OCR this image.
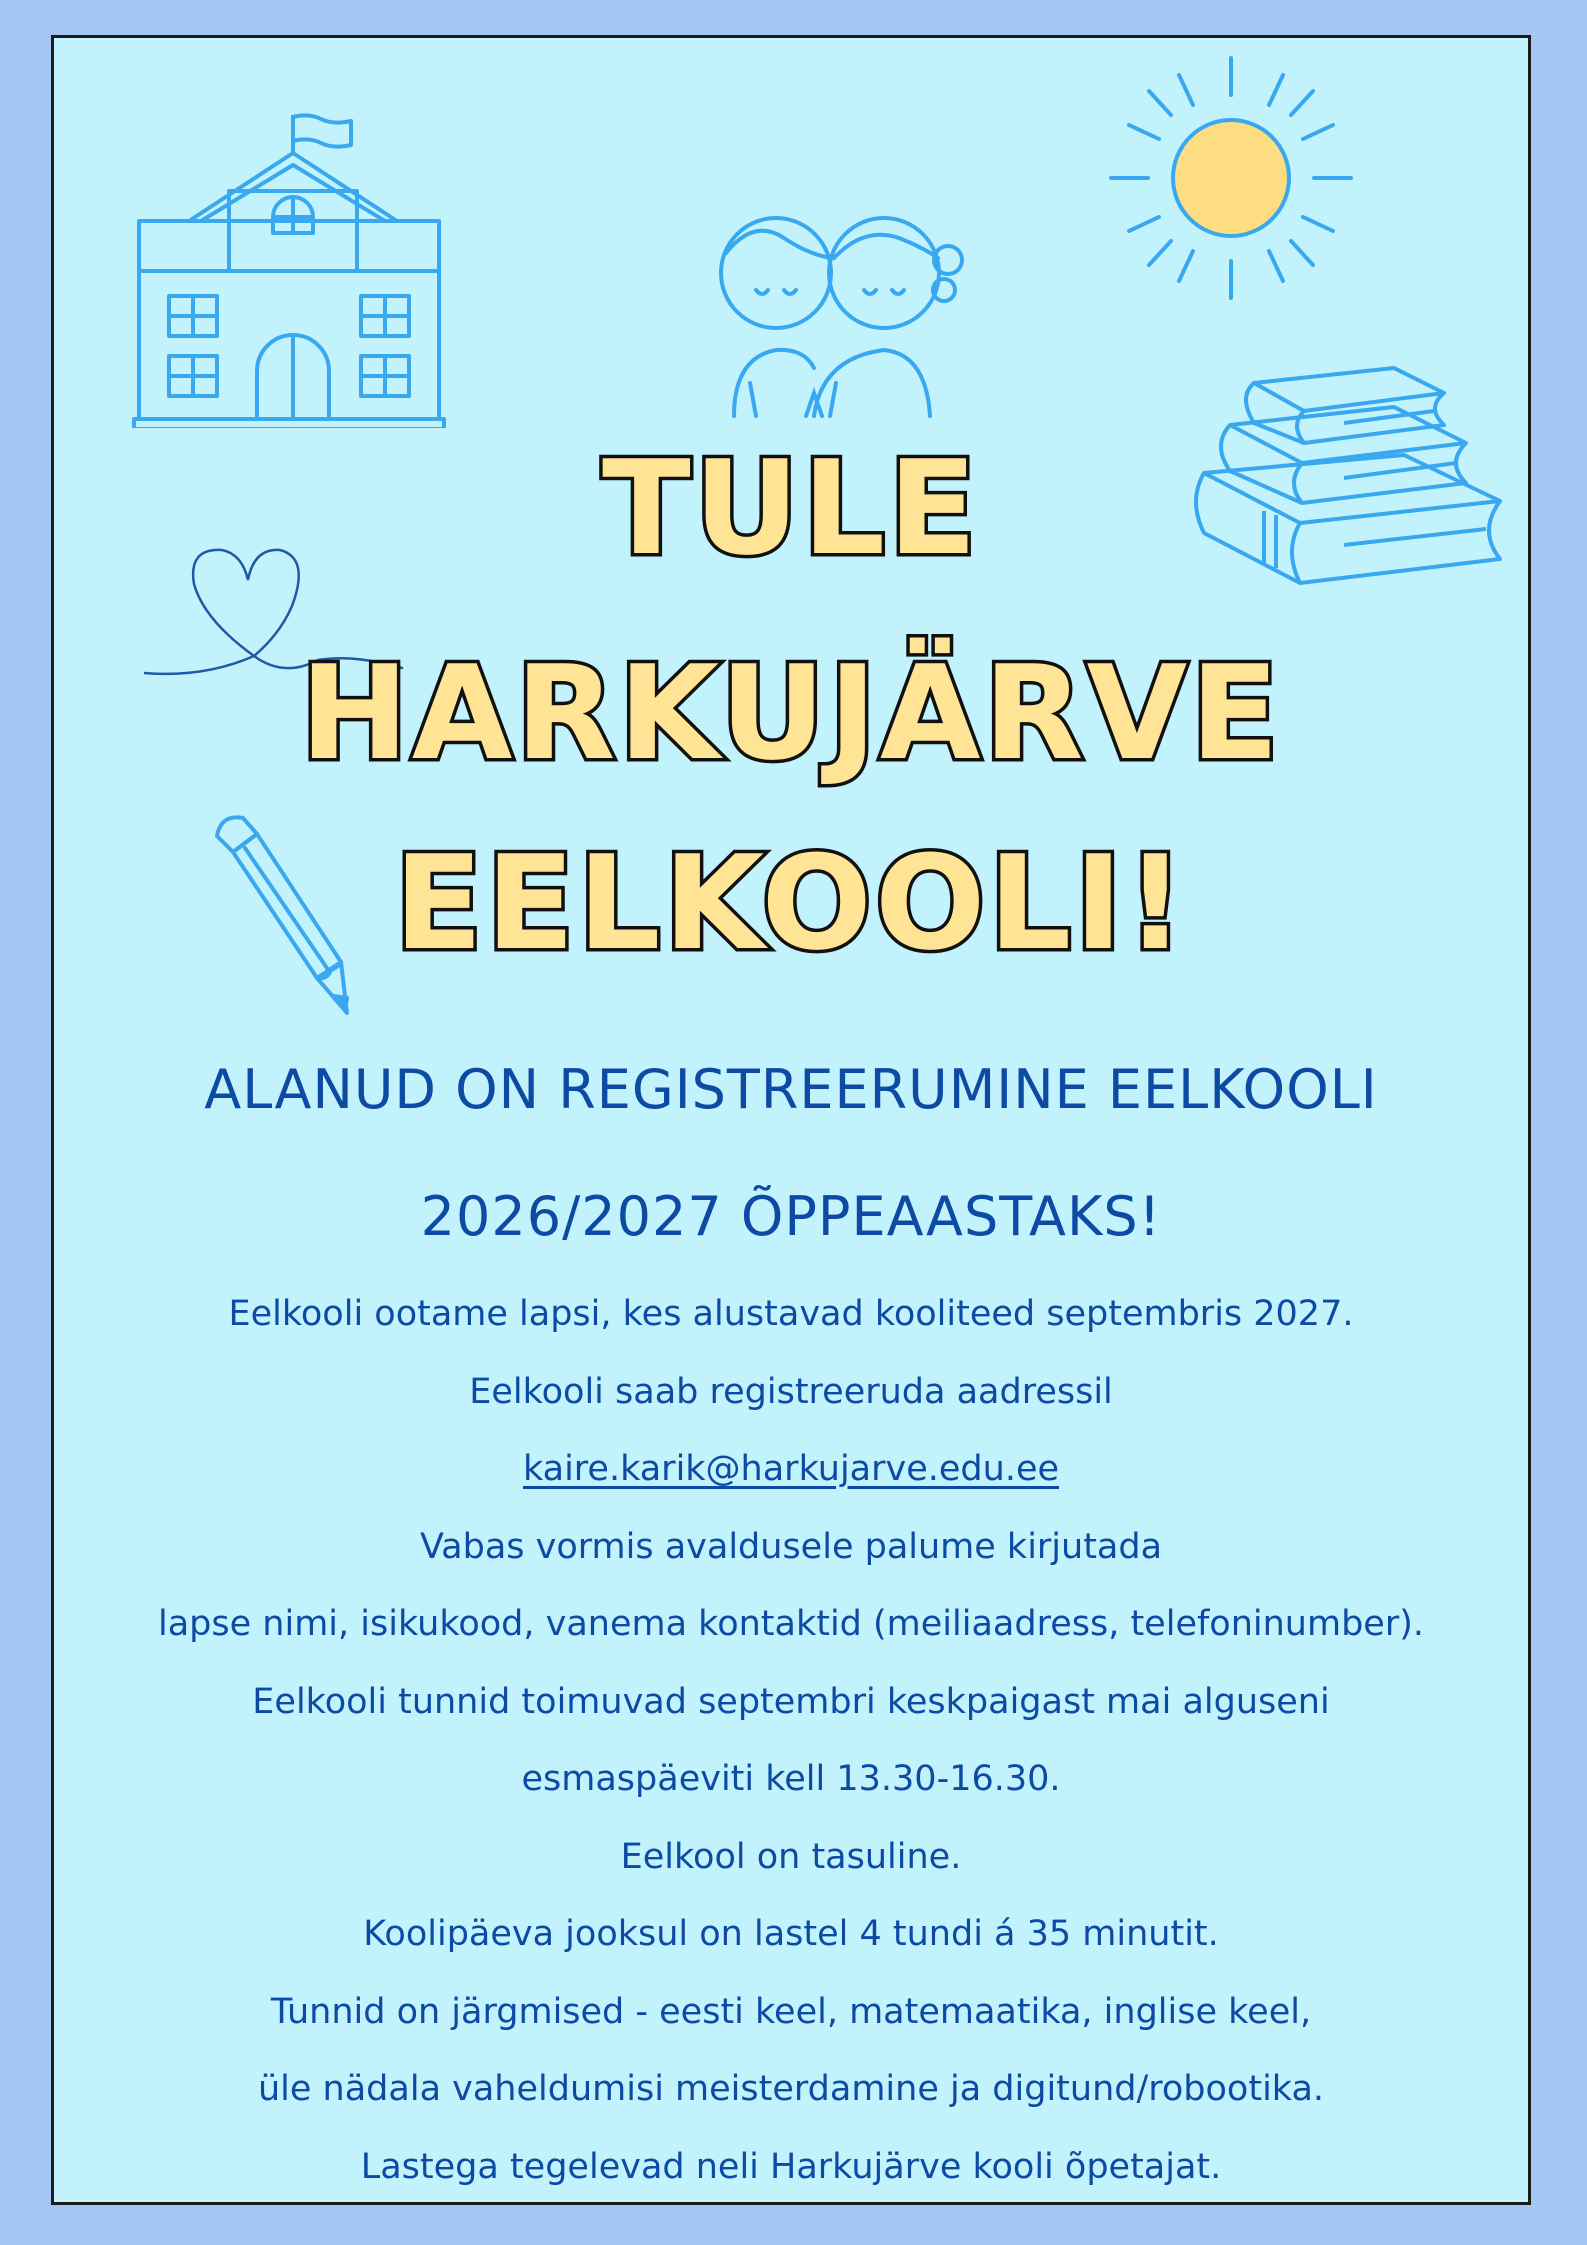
TULE
HARKUJÄRVE
EELKOOLI!
ALANUD ON REGISTREERUMINE EELKOOLI
2026/2027 ÕPPEAASTAKS!
Eelkooli ootame lapsi, kes alustavad kooliteed septembris 2027.
Eelkooli saab registreeruda aadressil
kaire.karik@harkujarve.edu.ee
Vabas vormis avaldusele palume kirjutada
lapse nimi, isikukood, vanema kontaktid (meiliaadress, telefoninumber).
Eelkooli tunnid toimuvad septembri keskpaigast mai alguseni
esmaspäeviti kell 13.30-16.30.
Eelkool on tasuline.
Koolipäeva jooksul on lastel 4 tundi á 35 minutit.
Tunnid on järgmised - eesti keel, matemaatika, inglise keel,
üle nädala vaheldumisi meisterdamine ja digitund/robootika.
Lastega tegelevad neli Harkujärve kooli õpetajat.
